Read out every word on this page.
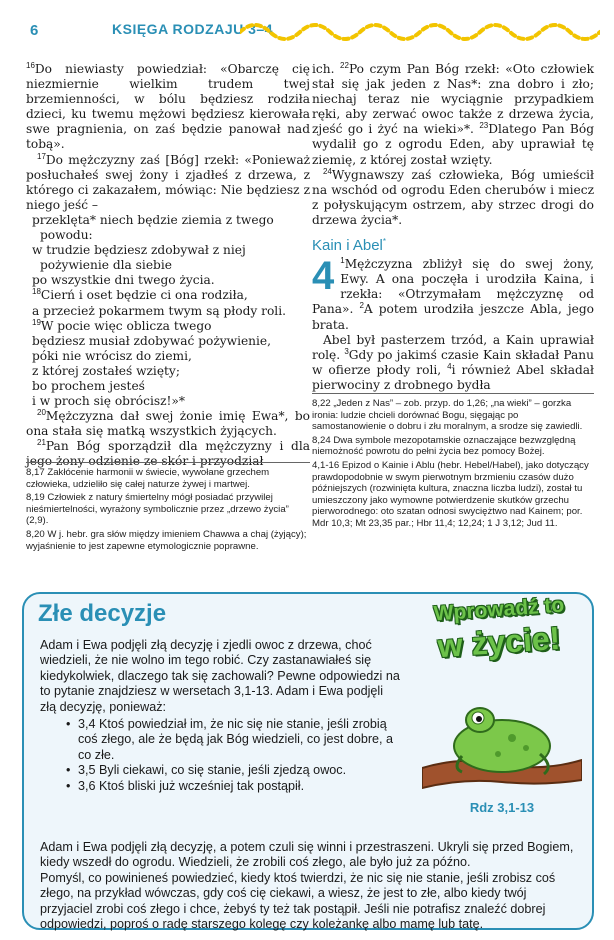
6	KSIĘGA RODZAJU 3–4

$^{16}$Do niewiasty powiedział: «Obarczę cię niezmiernie wielkim trudem twej brzemienności, w bólu będziesz rodziła dzieci, ku twemu mężowi będziesz kierowała swe pragnienia, on zaś będzie panował nad tobą».

$^{17}$Do mężczyzny zaś [Bóg] rzekł: «Ponieważ posłuchałeś swej żony i zjadłeś z drzewa, z którego ci zakazałem, mówiąc: Nie będziesz z niego jeść –

przeklęta* niech będzie ziemia z twego powodu:

w trudzie będziesz zdobywał z niej pożywienie dla siebie

po wszystkie dni twego życia.

$^{18}$Cierń i oset będzie ci ona rodziła,

a przecież pokarmem twym są płody roli.

$^{19}$W pocie więc oblicza twego

będziesz musiał zdobywać pożywienie,

póki nie wrócisz do ziemi,

z której zostałeś wzięty;

bo prochem jesteś

i w proch się obrócisz!»*

$^{20}$Mężczyzna dał swej żonie imię Ewa*, bo ona stała się matką wszystkich żyjących.

$^{21}$Pan Bóg sporządził dla mężczyzny i dla jego żony odzienie ze skór i przyodział

ich. $^{22}$Po czym Pan Bóg rzekł: «Oto człowiek stał się jak jeden z Nas*: zna dobro i zło; niechaj teraz nie wyciągnie przypadkiem ręki, aby zerwać owoc także z drzewa życia, zjeść go i żyć na wieki»*. $^{23}$Dlatego Pan Bóg wydalił go z ogrodu Eden, aby uprawiał tę ziemię, z której został wzięty.

$^{24}$Wygnawszy zaś człowieka, Bóg umieścił na wschód od ogrodu Eden cherubów i miecz z połyskującym ostrzem, aby strzec drogi do drzewa życia*.

Kain i Abel*

4 $^1$Mężczyzna zbliżył się do swej żony, Ewy. A ona poczęła i urodziła Kaina, i rzekła: «Otrzymałam mężczyznę od Pana». $^2$A potem urodziła jeszcze Abla, jego brata.

Abel był pasterzem trzód, a Kain uprawiał rolę. $^3$Gdy po jakimś czasie Kain składał Panu w ofierze płody roli, $^4$i również Abel składał pierwociny z drobnego bydła

8,17 Zakłócenie harmonii w świecie, wywołane grzechem człowieka, udzieliło się całej naturze żywej i martwej.

8,19 Człowiek z natury śmiertelny mógł posiadać przywilej nieśmiertelności, wyrażony symbolicznie przez „drzewo życia” (2,9).

8,20 W j. hebr. gra słów między imieniem Chawwa a chaj (żyjący); wyjaśnienie to jest zapewne etymologicznie poprawne.

8,22 „Jeden z Nas” – zob. przyp. do 1,26; „na wieki” – gorzka ironia: ludzie chcieli dorównać Bogu, sięgając po samostanowienie o dobru i złu moralnym, a srodze się zawiedli.

8,24 Dwa symbole mezopotamskie oznaczające bezwzględną niemożność powrotu do pełni życia bez pomocy Bożej.

4,1-16 Epizod o Kainie i Ablu (hebr. Hebel/Habel), jako dotyczący prawdopodobnie w swym pierwotnym brzmieniu czasów dużo późniejszych (rozwinięta kultura, znaczna liczba ludzi), został tu umieszczony jako wymowne potwierdzenie skutków grzechu pierworodnego: oto szatan odnosi swyciężtwo nad Kainem; por. Mdr 10,3; Mt 23,35 par.; Hbr 11,4; 12,24; 1 J 3,12; Jud 11.

Złe decyzje

Adam i Ewa podjęli złą decyzję i zjedli owoc z drzewa, choć wiedzieli, że nie wolno im tego robić. Czy zastanawiałeś się kiedykolwiek, dlaczego tak się zachowali? Pewne odpowiedzi na to pytanie znajdziesz w wersetach 3,1-13. Adam i Ewa podjęli złą decyzję, ponieważ:

• 3,4 Ktoś powiedział im, że nic się nie stanie, jeśli zrobią coś złego, ale że będą jak Bóg wiedzieli, co jest dobre, a co złe.
• 3,5 Byli ciekawi, co się stanie, jeśli zjedzą owoc.
• 3,6 Ktoś bliski już wcześniej tak postąpił.

Adam i Ewa podjęli złą decyzję, a potem czuli się winni i przestraszeni. Ukryli się przed Bogiem, kiedy wszedł do ogrodu. Wiedzieli, że zrobili coś złego, ale było już za późno.

Pomyśl, co powinieneś powiedzieć, kiedy ktoś twierdzi, że nic się nie stanie, jeśli zrobisz coś złego, na przykład wówczas, gdy coś cię ciekawi, a wiesz, że jest to złe, albo kiedy twój przyjaciel zrobi coś złego i chce, żebyś ty też tak postąpił. Jeśli nie potrafisz znaleźć dobrej odpowiedzi, poproś o radę starszego kolegę czy koleżankę albo mamę lub tatę.

Wprowadź to
w życie!
Rdz 3,1-13
